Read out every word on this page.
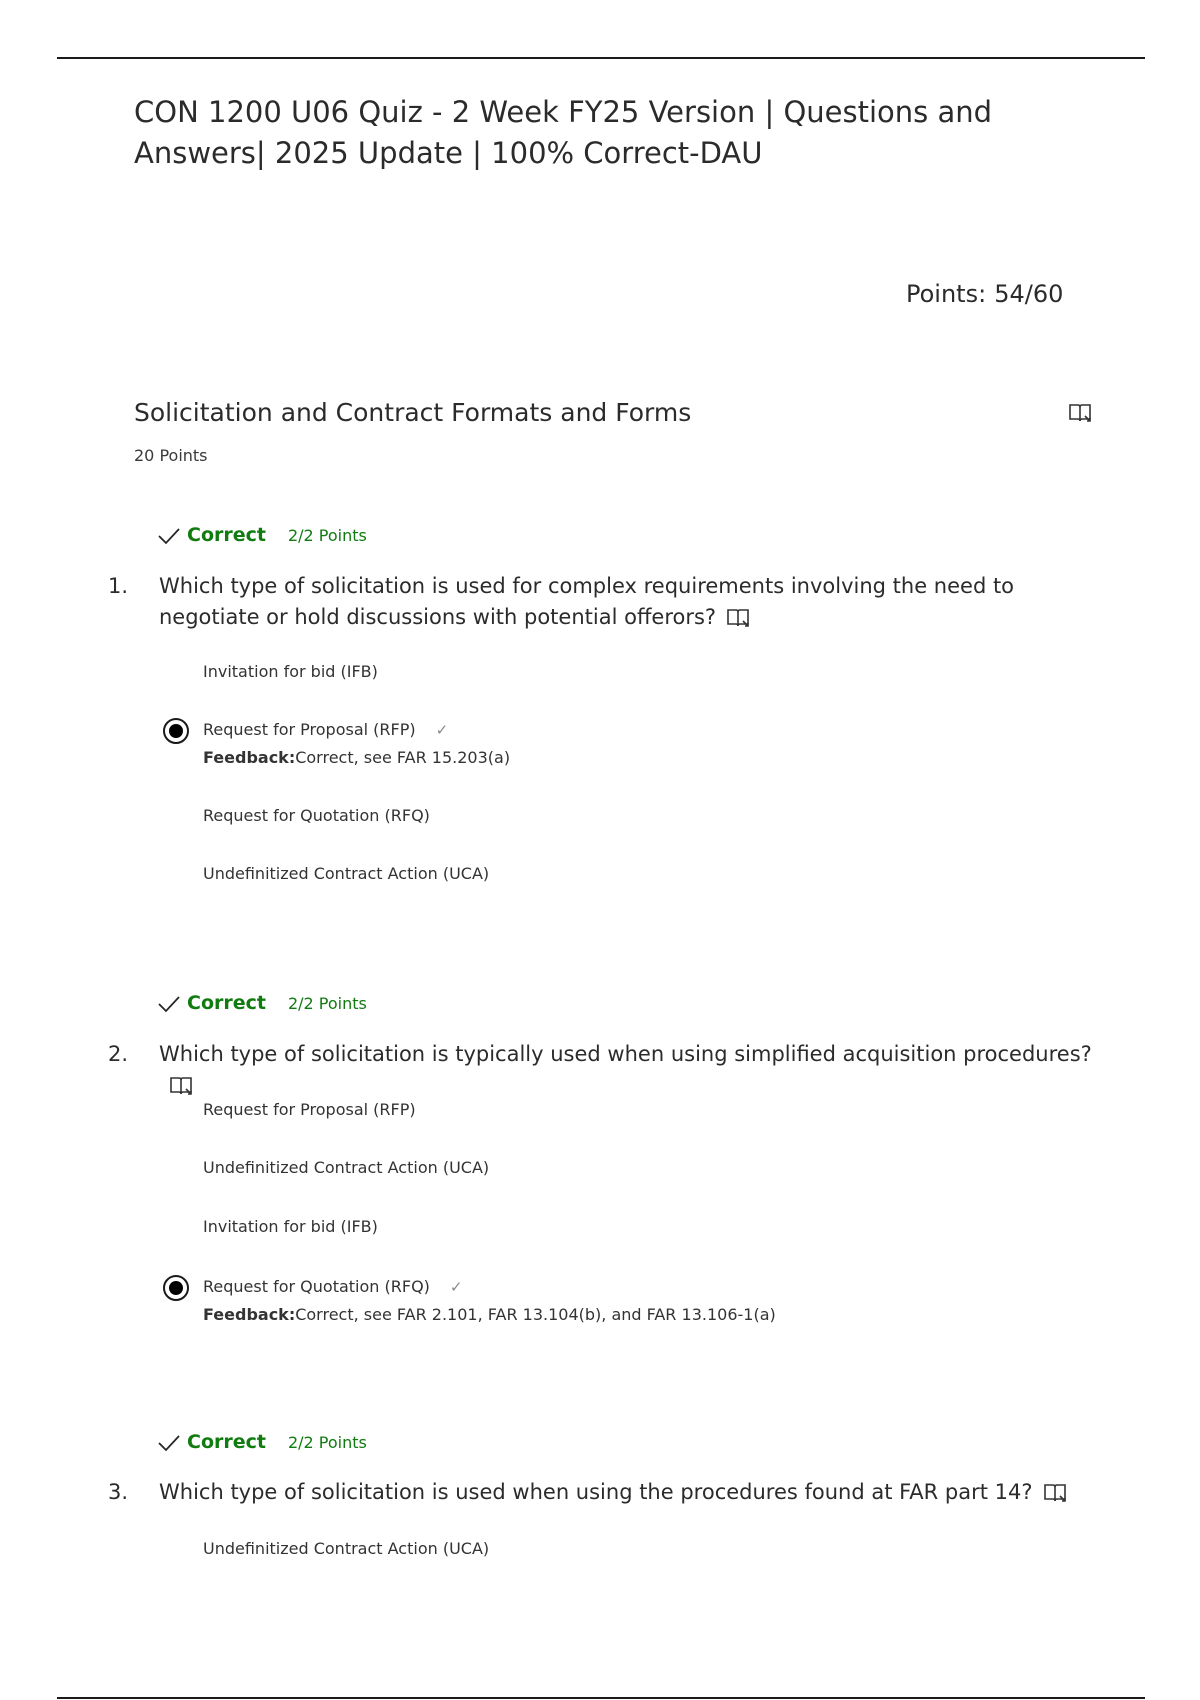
CON 1200 U06 Quiz - 2 Week FY25 Version | Questions and Answers| 2025 Update | 100% Correct-DAU
Points: 54/60
Solicitation and Contract Formats and Forms
20 Points
Correct 2/2 Points
1. Which type of solicitation is used for complex requirements involving the need to negotiate or hold discussions with potential offerors?
Invitation for bid (IFB)
Request for Proposal (RFP) ✓
Feedback:Correct, see FAR 15.203(a)
Request for Quotation (RFQ)
Undefinitized Contract Action (UCA)
Correct 2/2 Points
2. Which type of solicitation is typically used when using simplified acquisition procedures?
Request for Proposal (RFP)
Undefinitized Contract Action (UCA)
Invitation for bid (IFB)
Request for Quotation (RFQ) ✓
Feedback:Correct, see FAR 2.101, FAR 13.104(b), and FAR 13.106-1(a)
Correct 2/2 Points
3. Which type of solicitation is used when using the procedures found at FAR part 14?
Undefinitized Contract Action (UCA)
